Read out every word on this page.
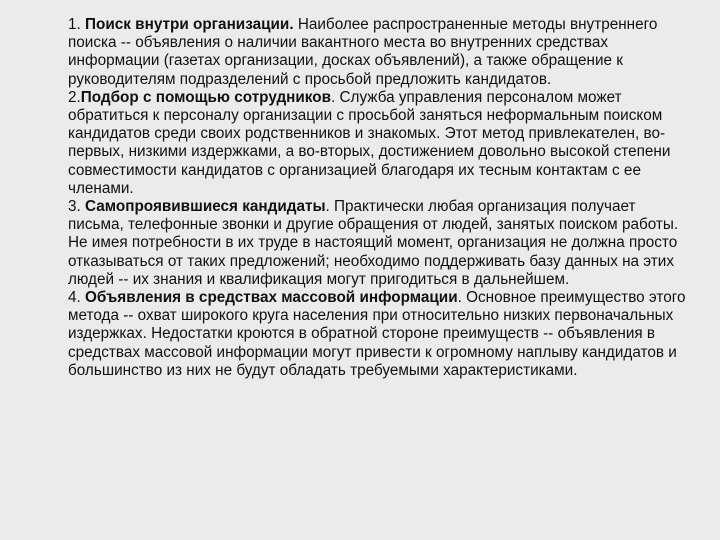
1. Поиск внутри организации. Наиболее распространенные методы внутреннего поиска -- объявления о наличии вакантного места во внутренних средствах информации (газетах организации, досках объявлений), а также обращение к руководителям подразделений с просьбой предложить кандидатов.

2.Подбор с помощью сотрудников. Служба управления персоналом может обратиться к персоналу организации с просьбой заняться неформальным поиском кандидатов среди своих родственников и знакомых. Этот метод привлекателен, во-первых, низкими издержками, а во-вторых, достижением довольно высокой степени совместимости кандидатов с организацией благодаря их тесным контактам с ее членами.

3. Самопроявившиеся кандидаты. Практически любая организация получает письма, телефонные звонки и другие обращения от людей, занятых поиском работы. Не имея потребности в их труде в настоящий момент, организация не должна просто отказываться от таких предложений; необходимо поддерживать базу данных на этих людей -- их знания и квалификация могут пригодиться в дальнейшем.

4. Объявления в средствах массовой информации. Основное преимущество этого метода -- охват широкого круга населения при относительно низких первоначальных издержках. Недостатки кроются в обратной стороне преимуществ -- объявления в средствах массовой информации могут привести к огромному наплыву кандидатов и большинство из них не будут обладать требуемыми характеристиками.
